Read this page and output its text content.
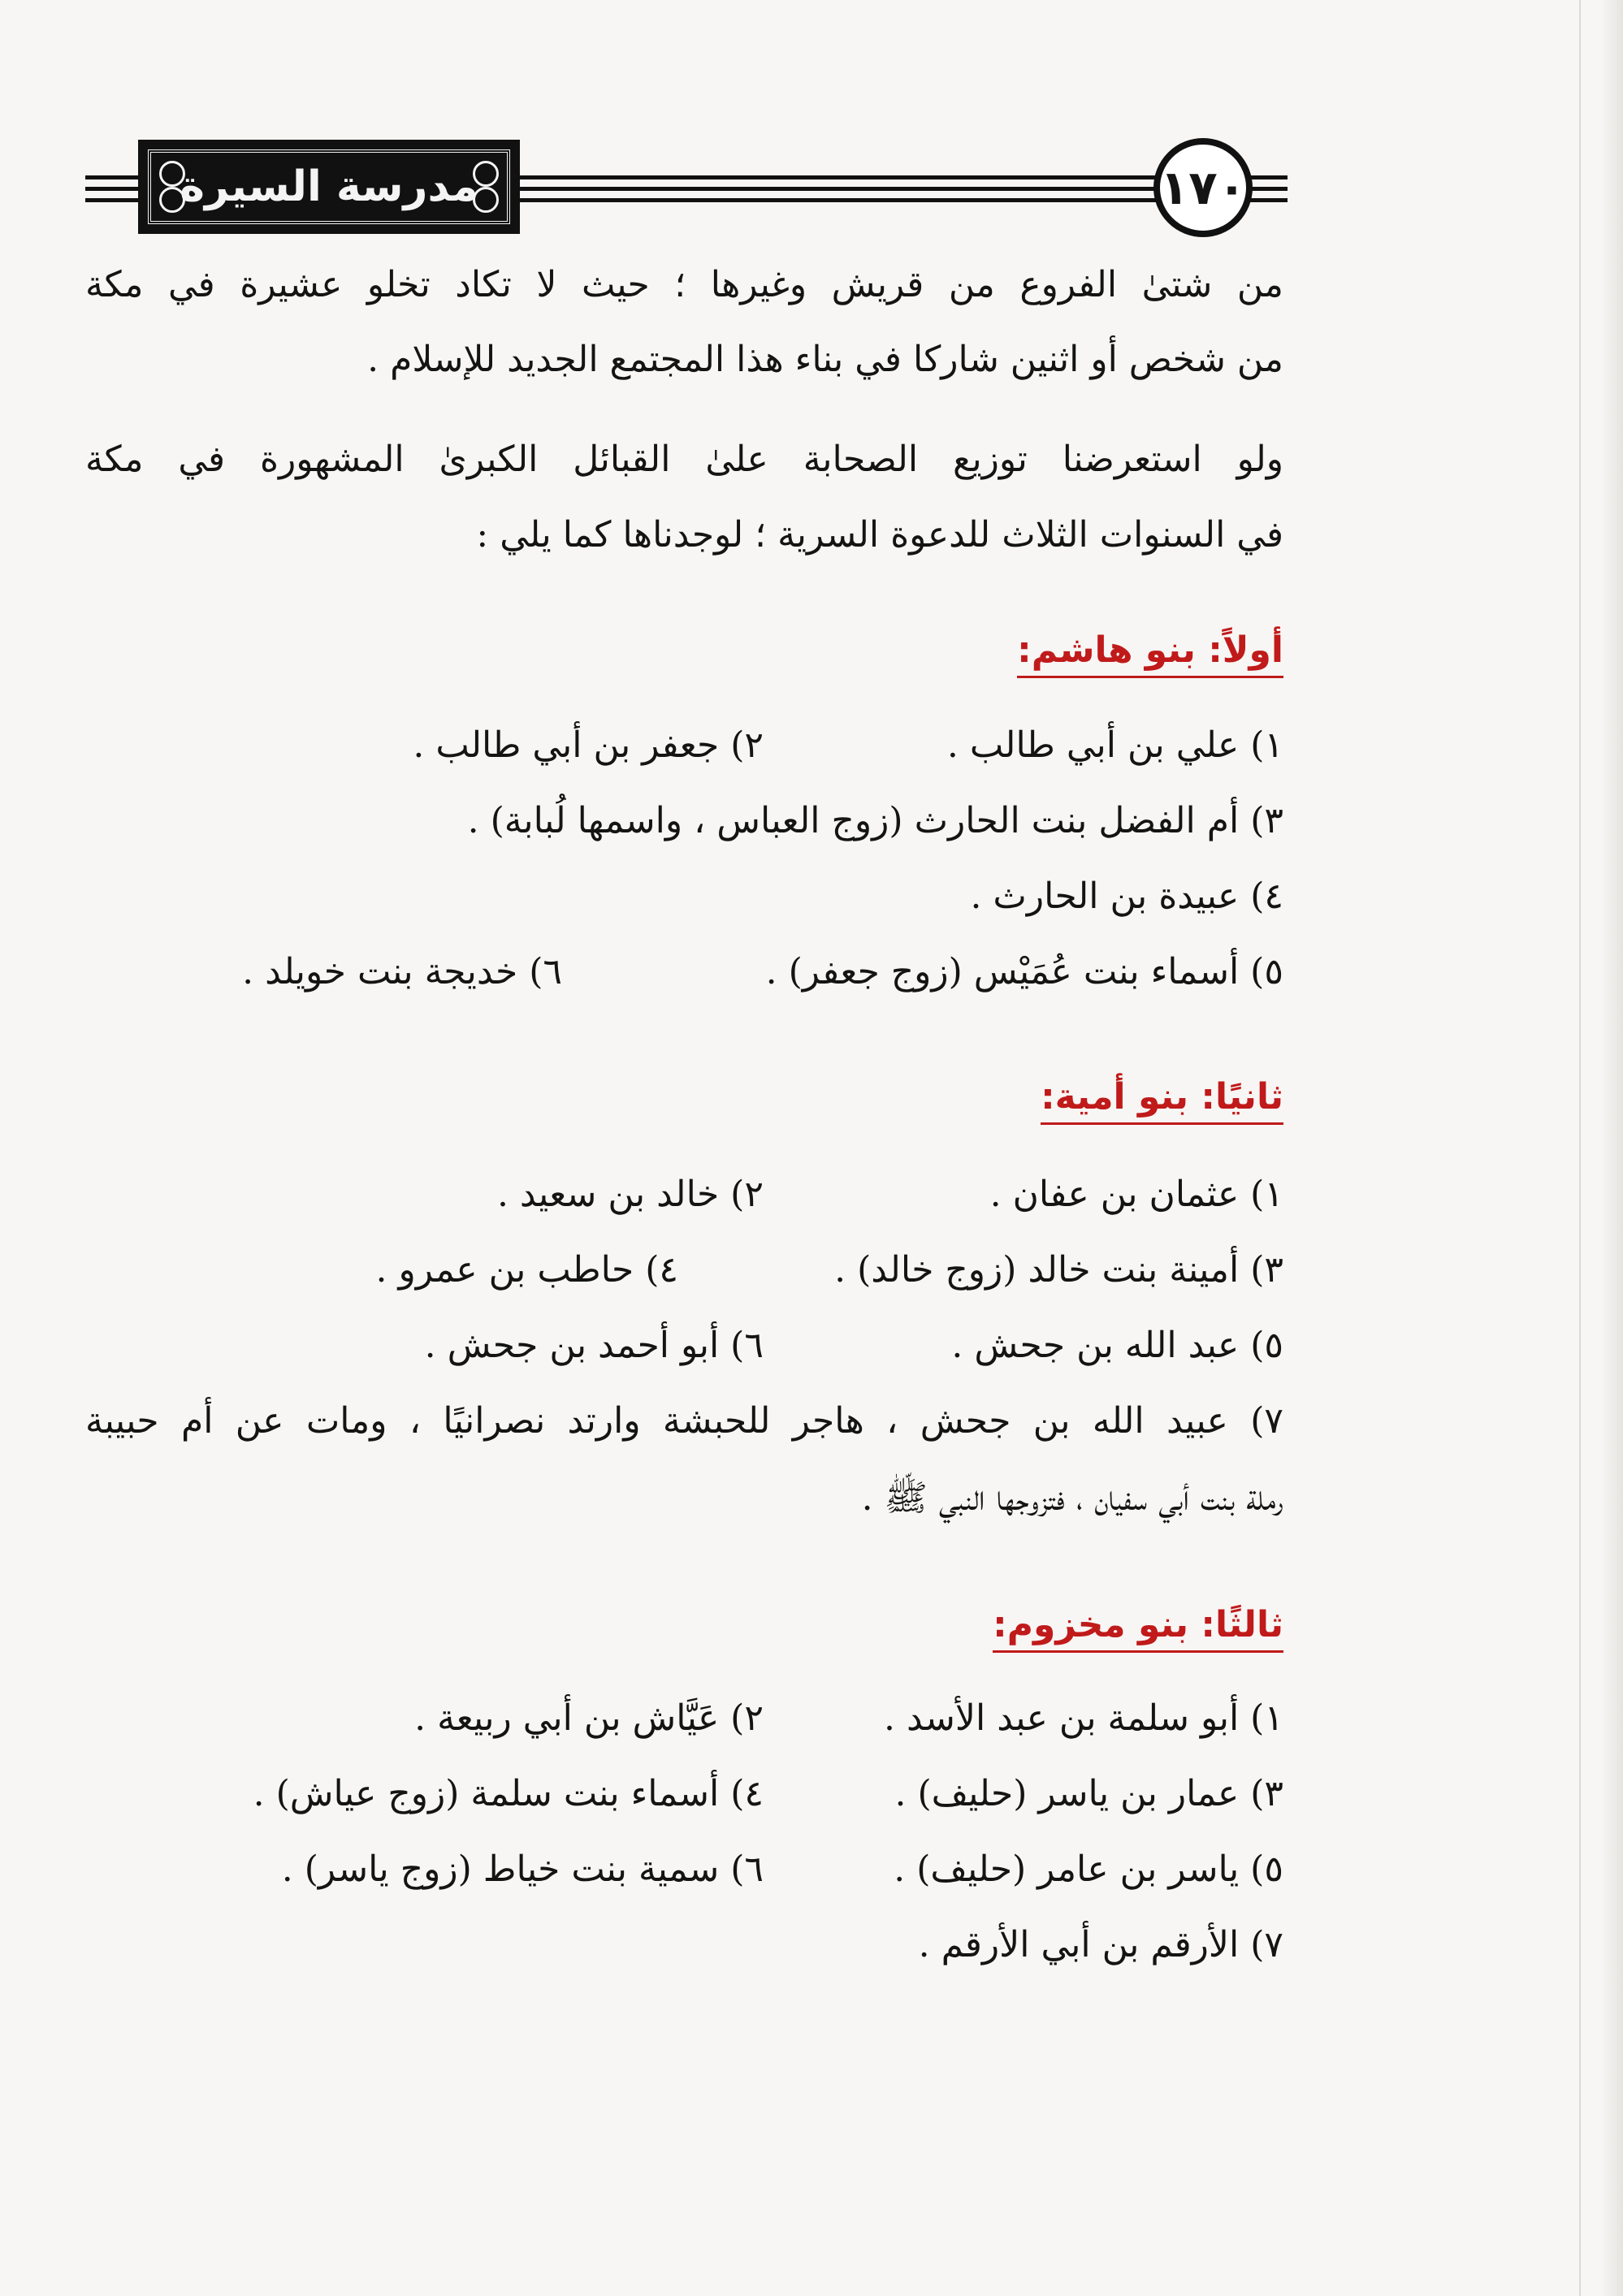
مدرسة السيرة	١٧٠
من شتىٰ الفروع من قريش وغيرها ؛ حيث لا تكاد تخلو عشيرة في مكة
من شخص أو اثنين شاركا في بناء هذا المجتمع الجديد للإسلام .
ولو استعرضنا توزيع الصحابة علىٰ القبائل الكبرىٰ المشهورة في مكة
في السنوات الثلاث للدعوة السرية ؛ لوجدناها كما يلي :
أولاً: بنو هاشم:
١) علي بن أبي طالب .
٢) جعفر بن أبي طالب .
٣) أم الفضل بنت الحارث (زوج العباس ، واسمها لُبابة) .
٤) عبيدة بن الحارث .
٥) أسماء بنت عُمَيْس (زوج جعفر) .
٦) خديجة بنت خويلد .
ثانيًا: بنو أمية:
١) عثمان بن عفان .
٢) خالد بن سعيد .
٣) أمينة بنت خالد (زوج خالد) .
٤) حاطب بن عمرو .
٥) عبد الله بن جحش .
٦) أبو أحمد بن جحش .
٧) عبيد الله بن جحش ، هاجر للحبشة وارتد نصرانيًا ، ومات عن أم حبيبة
رملة بنت أبي سفيان ، فتزوجها النبي ﷺ .
ثالثًا: بنو مخزوم:
١) أبو سلمة بن عبد الأسد .
٢) عَيَّاش بن أبي ربيعة .
٣) عمار بن ياسر (حليف) .
٤) أسماء بنت سلمة (زوج عياش) .
٥) ياسر بن عامر (حليف) .
٦) سمية بنت خياط (زوج ياسر) .
٧) الأرقم بن أبي الأرقم .
